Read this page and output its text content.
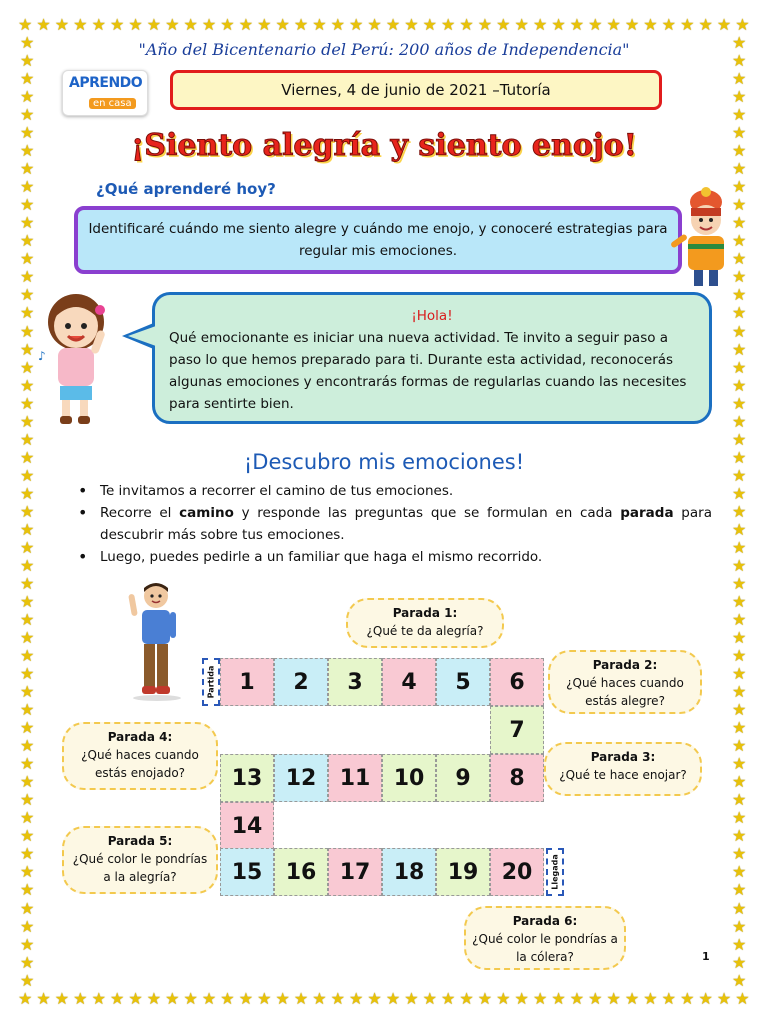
★ ★ ★ ★ ★ ★ ★ ★ ★ ★ ★ ★ ★ ★ ★ ★ ★ ★ ★ ★ ★ ★ ★ ★ ★ ★ ★ ★ ★ ★ ★ ★ ★ ★ ★ ★ ★ ★ ★ ★
★ ★ ★ ★ ★ ★ ★ ★ ★ ★ ★ ★ ★ ★ ★ ★ ★ ★ ★ ★ ★ ★ ★ ★ ★ ★ ★ ★ ★ ★ ★ ★ ★ ★ ★ ★ ★ ★ ★ ★
★
★
★
★
★
★
★
★
★
★
★
★
★
★
★
★
★
★
★
★
★
★
★
★
★
★
★
★
★
★
★
★
★
★
★
★
★
★
★
★
★
★
★
★
★
★
★
★
★
★
★
★
★
★
★
★
★
★
★
★
★
★
★
★
★
★
★
★
★
★
★
★
★
★
★
★
★
★
★
★
★
★
★
★
★
★
★
★
★
★
★
★
★
★
★
★
★
★
★
★
★
★
★
★
★
★
"Año del Bicentenario del Perú: 200 años de Independencia"
APRENDO
en casa
Viernes, 4 de junio de 2021 –Tutoría
¡Siento alegría y siento enojo!
¿Qué aprenderé hoy?
Identificaré cuándo me siento alegre y cuándo me enojo, y conoceré estrategias para regular mis emociones.
♪
¡Hola!
Qué emocionante es iniciar una nueva actividad. Te invito a seguir paso a paso lo que hemos preparado para ti. Durante esta actividad, reconocerás algunas emociones y encontrarás formas de regularlas cuando las necesites para sentirte bien.
¡Descubro mis emociones!
• Te invitamos a recorrer el camino de tus emociones.
• Recorre el camino y responde las preguntas que se formulan en cada parada para descubrir más sobre tus emociones.
• Luego, puedes pedirle a un familiar que haga el mismo recorrido.
Partida
Llegada
1	2	3	4	5	6
7
8
9
10
11
12
13
14
15	16	17	18	19	20
Parada 1:
¿Qué te da alegría?
Parada 2:
¿Qué haces cuando estás alegre?
Parada 3:
¿Qué te hace enojar?
Parada 4:
¿Qué haces cuando estás enojado?
Parada 5:
¿Qué color le pondrías a la alegría?
Parada 6:
¿Qué color le pondrías a la cólera?	1
